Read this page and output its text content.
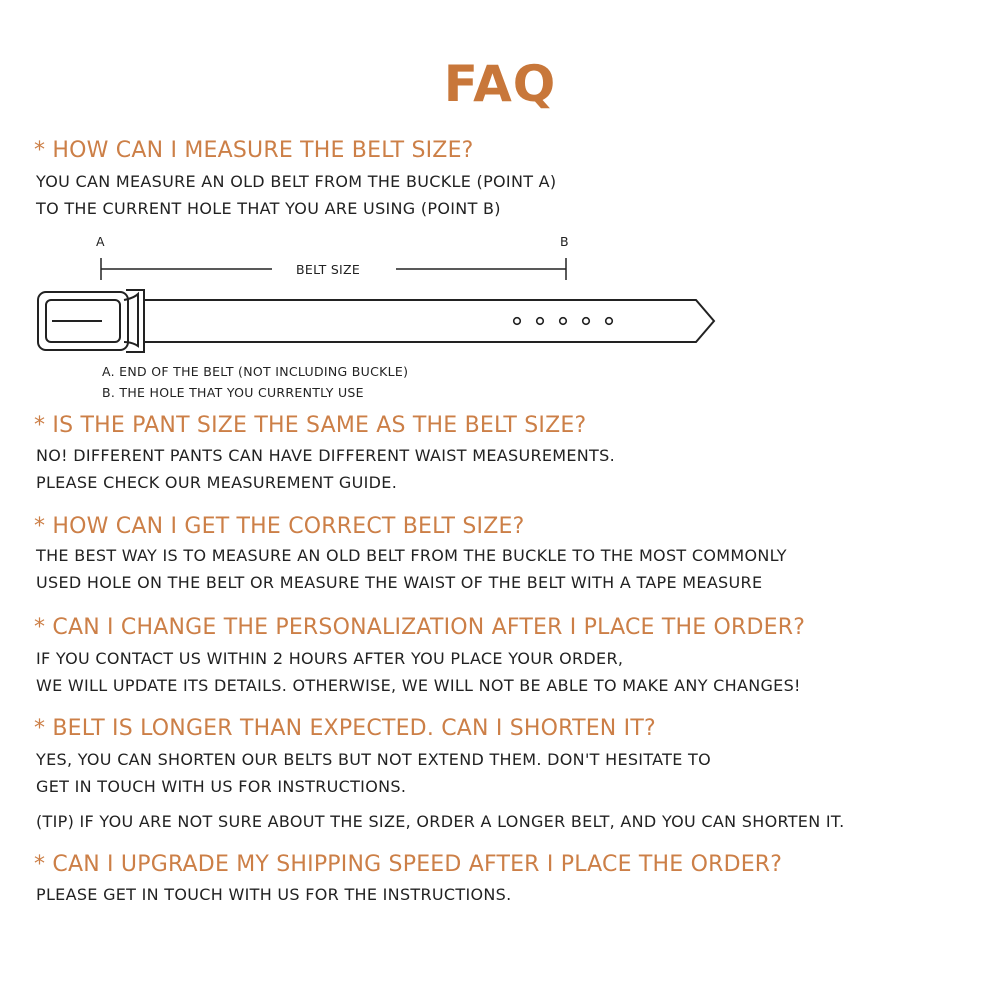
FAQ
* HOW CAN I MEASURE THE BELT SIZE?
YOU CAN MEASURE AN OLD BELT FROM THE BUCKLE (POINT A)
TO THE CURRENT HOLE THAT YOU ARE USING (POINT B)
A	B
BELT SIZE
A. END OF THE BELT (NOT INCLUDING BUCKLE)
B. THE HOLE THAT YOU CURRENTLY USE
* IS THE PANT SIZE THE SAME AS THE BELT SIZE?
NO! DIFFERENT PANTS CAN HAVE DIFFERENT WAIST MEASUREMENTS.
PLEASE CHECK OUR MEASUREMENT GUIDE.
* HOW CAN I GET THE CORRECT BELT SIZE?
THE BEST WAY IS TO MEASURE AN OLD BELT FROM THE BUCKLE TO THE MOST COMMONLY
USED HOLE ON THE BELT OR MEASURE THE WAIST OF THE BELT WITH A TAPE MEASURE
* CAN I CHANGE THE PERSONALIZATION AFTER I PLACE THE ORDER?
IF YOU CONTACT US WITHIN 2 HOURS AFTER YOU PLACE YOUR ORDER,
WE WILL UPDATE ITS DETAILS. OTHERWISE, WE WILL NOT BE ABLE TO MAKE ANY CHANGES!
* BELT IS LONGER THAN EXPECTED. CAN I SHORTEN IT?
YES, YOU CAN SHORTEN OUR BELTS BUT NOT EXTEND THEM. DON'T HESITATE TO
GET IN TOUCH WITH US FOR INSTRUCTIONS.
(TIP) IF YOU ARE NOT SURE ABOUT THE SIZE, ORDER A LONGER BELT, AND YOU CAN SHORTEN IT.
* CAN I UPGRADE MY SHIPPING SPEED AFTER I PLACE THE ORDER?
PLEASE GET IN TOUCH WITH US FOR THE INSTRUCTIONS.
